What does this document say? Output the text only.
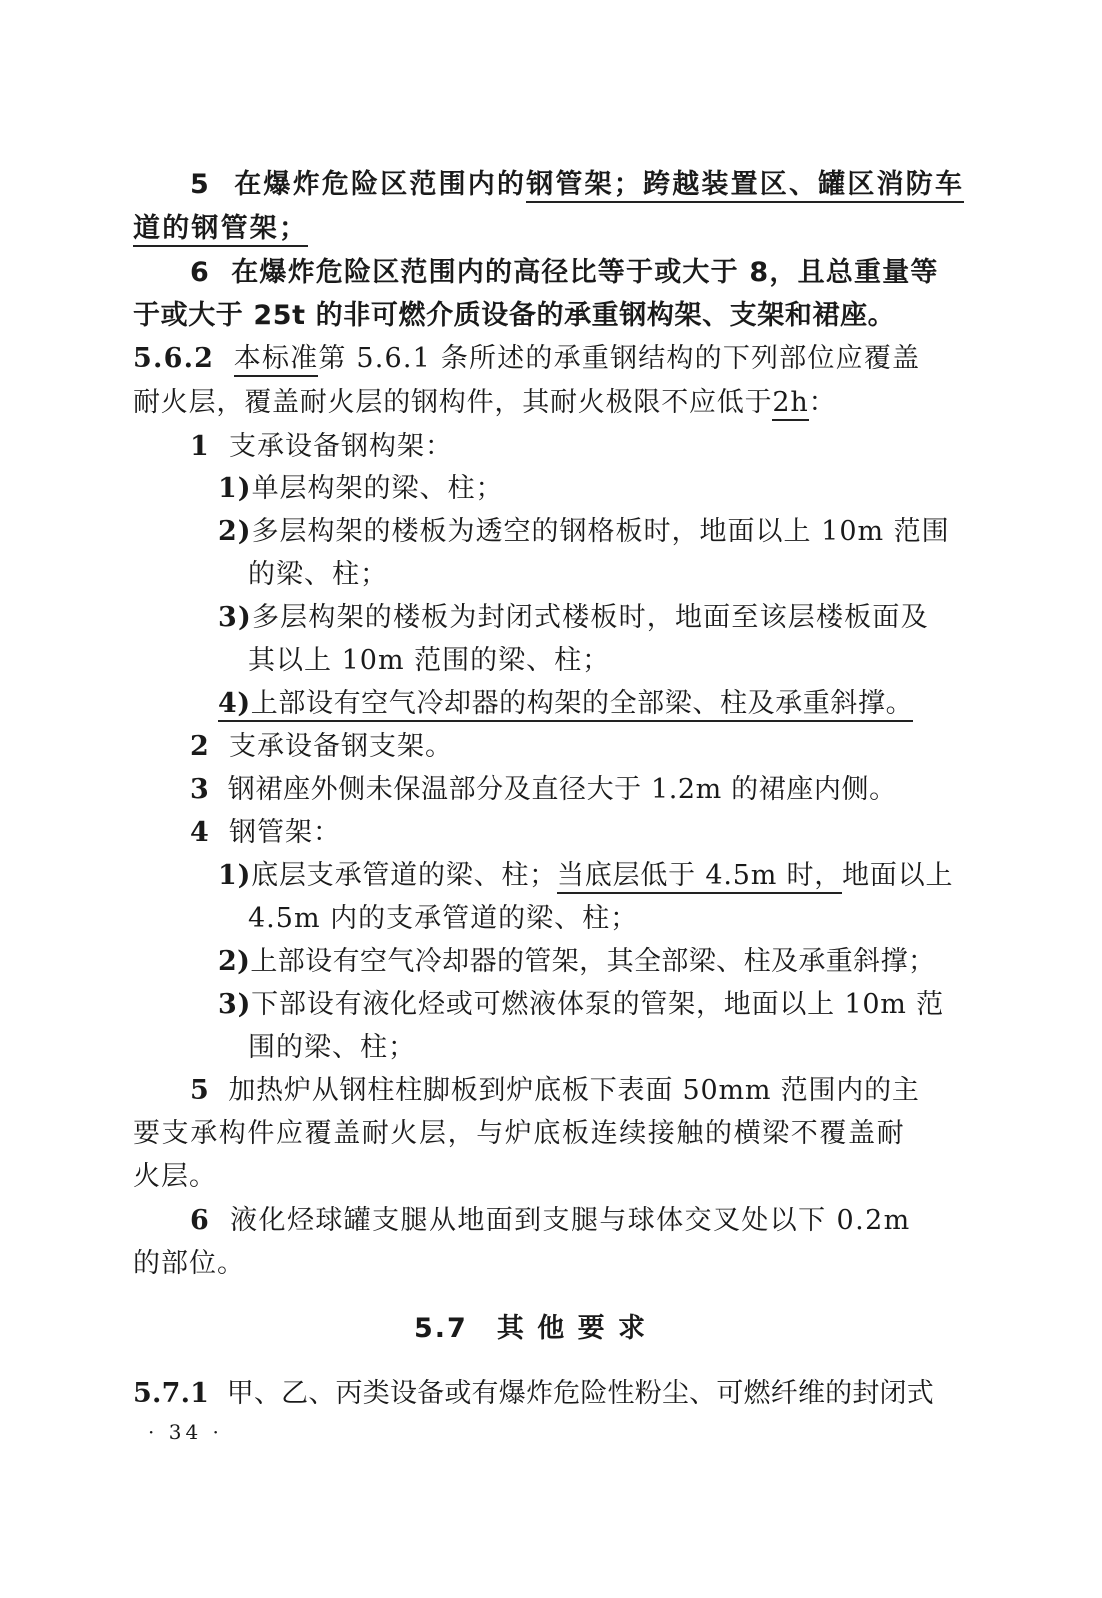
5 在爆炸危险区范围内的钢管架；跨越装置区、罐区消防车
道的钢管架；
6 在爆炸危险区范围内的高径比等于或大于 8，且总重量等
于或大于 25t 的非可燃介质设备的承重钢构架、支架和裙座。
5.6.2 本标准第 5.6.1 条所述的承重钢结构的下列部位应覆盖
耐火层，覆盖耐火层的钢构件，其耐火极限不应低于2h：
1 支承设备钢构架：
1)单层构架的梁、柱；
2)多层构架的楼板为透空的钢格板时，地面以上 10m 范围
的梁、柱；
3)多层构架的楼板为封闭式楼板时，地面至该层楼板面及
其以上 10m 范围的梁、柱；
4)上部设有空气冷却器的构架的全部梁、柱及承重斜撑。
2 支承设备钢支架。
3 钢裙座外侧未保温部分及直径大于 1.2m 的裙座内侧。
4 钢管架：
1)底层支承管道的梁、柱；当底层低于 4.5m 时，地面以上
4.5m 内的支承管道的梁、柱；
2)上部设有空气冷却器的管架，其全部梁、柱及承重斜撑；
3)下部设有液化烃或可燃液体泵的管架，地面以上 10m 范
围的梁、柱；
5 加热炉从钢柱柱脚板到炉底板下表面 50mm 范围内的主
要支承构件应覆盖耐火层，与炉底板连续接触的横梁不覆盖耐
火层。
6 液化烃球罐支腿从地面到支腿与球体交叉处以下 0.2m
的部位。
5.7　其 他 要 求
5.7.1 甲、乙、丙类设备或有爆炸危险性粉尘、可燃纤维的封闭式
· 34 ·
